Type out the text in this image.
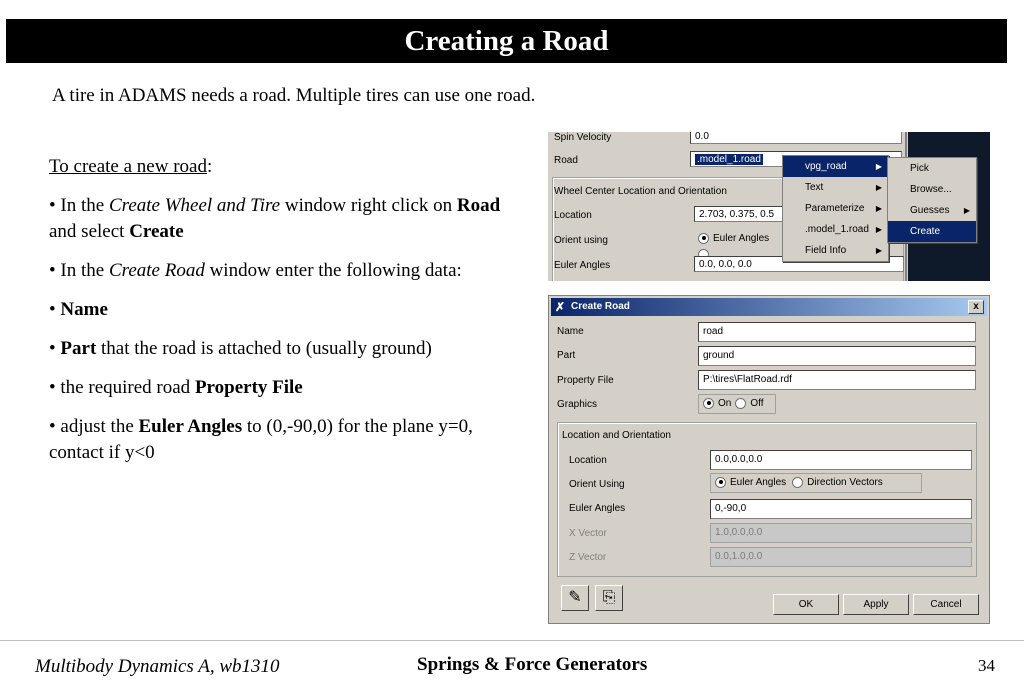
Creating a Road
A tire in ADAMS needs a road. Multiple tires can use one road.

To create a new road:

• In the Create Wheel and Tire window right click on Road and select Create

• In the Create Road window enter the following data:

• Name

• Part that the road is attached to (usually ground)

• the required road Property File

• adjust the Euler Angles to (0,-90,0) for the plane y=0, contact if y<0

Spin Velocity	0.0
Road	.model_1.road
Wheel Center Location and Orientation
Location	2.703, 0.375, 0.5
Orient using	Euler Angles
Euler Angles	0.0, 0.0, 0.0
vpg_road	▶
Text	▶
Parameterize ▶
.model_1.road ▶
Field Info	▶
Pick
Browse...
Guesses ▶
Create
✗ Create Road	x
Name	road
Part	ground
Property File	P:\tires\FlatRoad.rdf
Graphics	On Off
Location and Orientation
Location	0.0,0.0,0.0
Orient Using	Euler Angles Direction Vectors
Euler Angles	0,-90,0
X Vector	1.0,0.0,0.0
Z Vector	0.0,1.0,0.0
✎	⎘	OK	Apply	Cancel
Multibody Dynamics A, wb1310	Springs & Force Generators	34
